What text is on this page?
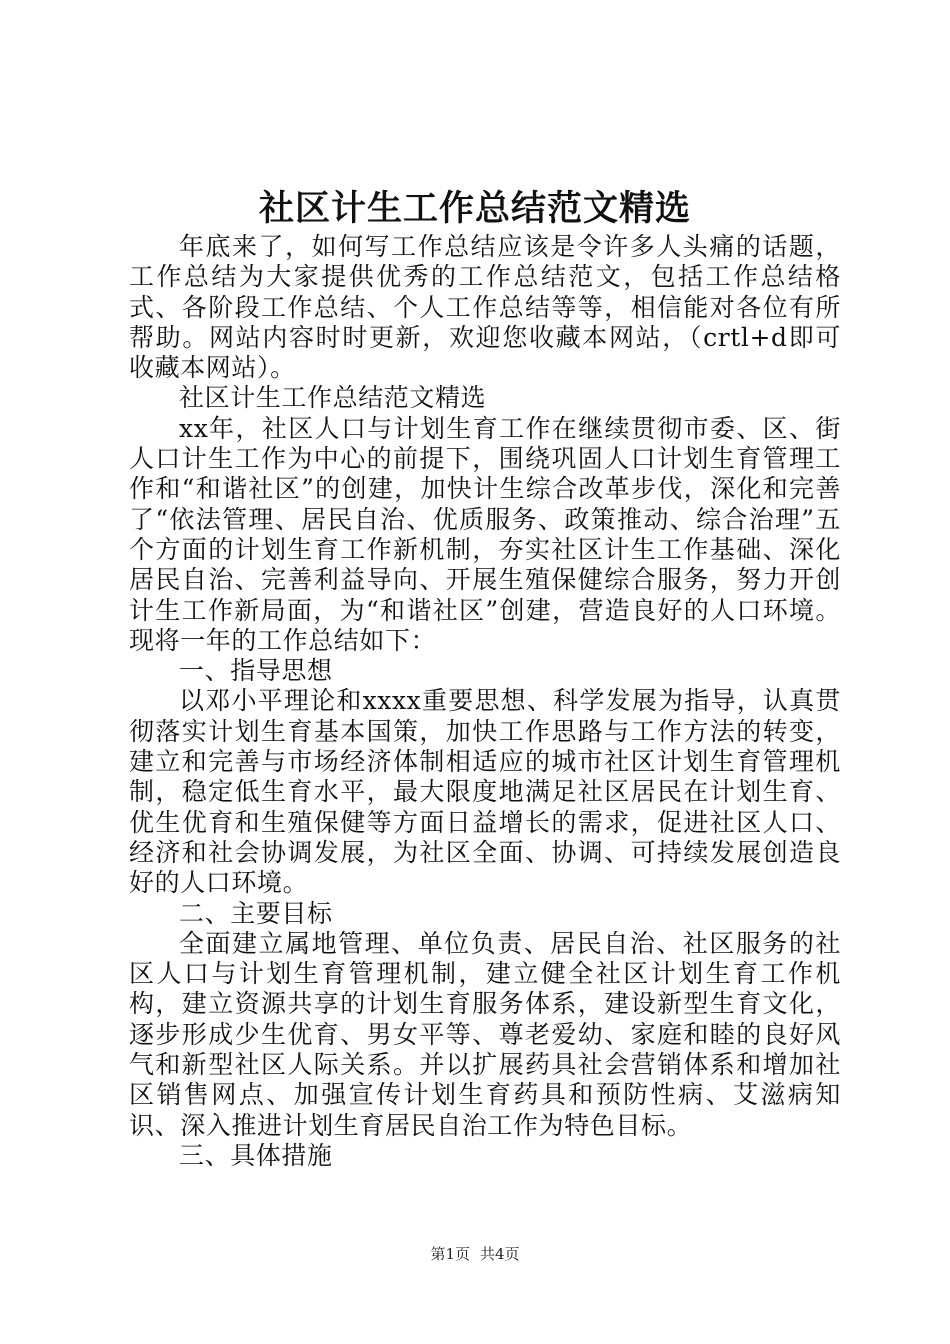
社区计生工作总结范文精选

年底来了，如何写工作总结应该是令许多人头痛的话题，工作总结为大家提供优秀的工作总结范文，包括工作总结格式、各阶段工作总结、个人工作总结等等，相信能对各位有所帮助。网站内容时时更新，欢迎您收藏本网站，（crtl+d即可收藏本网站）。

社区计生工作总结范文精选

xx年，社区人口与计划生育工作在继续贯彻市委、区、街人口计生工作为中心的前提下，围绕巩固人口计划生育管理工作和“和谐社区”的创建，加快计生综合改革步伐，深化和完善了“依法管理、居民自治、优质服务、政策推动、综合治理”五个方面的计划生育工作新机制，夯实社区计生工作基础、深化居民自治、完善利益导向、开展生殖保健综合服务，努力开创计生工作新局面，为“和谐社区”创建，营造良好的人口环境。现将一年的工作总结如下：

一、指导思想

以邓小平理论和xxxx重要思想、科学发展为指导，认真贯彻落实计划生育基本国策，加快工作思路与工作方法的转变，建立和完善与市场经济体制相适应的城市社区计划生育管理机制，稳定低生育水平，最大限度地满足社区居民在计划生育、优生优育和生殖保健等方面日益增长的需求，促进社区人口、经济和社会协调发展，为社区全面、协调、可持续发展创造良好的人口环境。

二、主要目标

全面建立属地管理、单位负责、居民自治、社区服务的社区人口与计划生育管理机制，建立健全社区计划生育工作机构，建立资源共享的计划生育服务体系，建设新型生育文化，逐步形成少生优育、男女平等、尊老爱幼、家庭和睦的良好风气和新型社区人际关系。并以扩展药具社会营销体系和增加社区销售网点、加强宣传计划生育药具和预防性病、艾滋病知识、深入推进计划生育居民自治工作为特色目标。

三、具体措施

第1页 共4页
